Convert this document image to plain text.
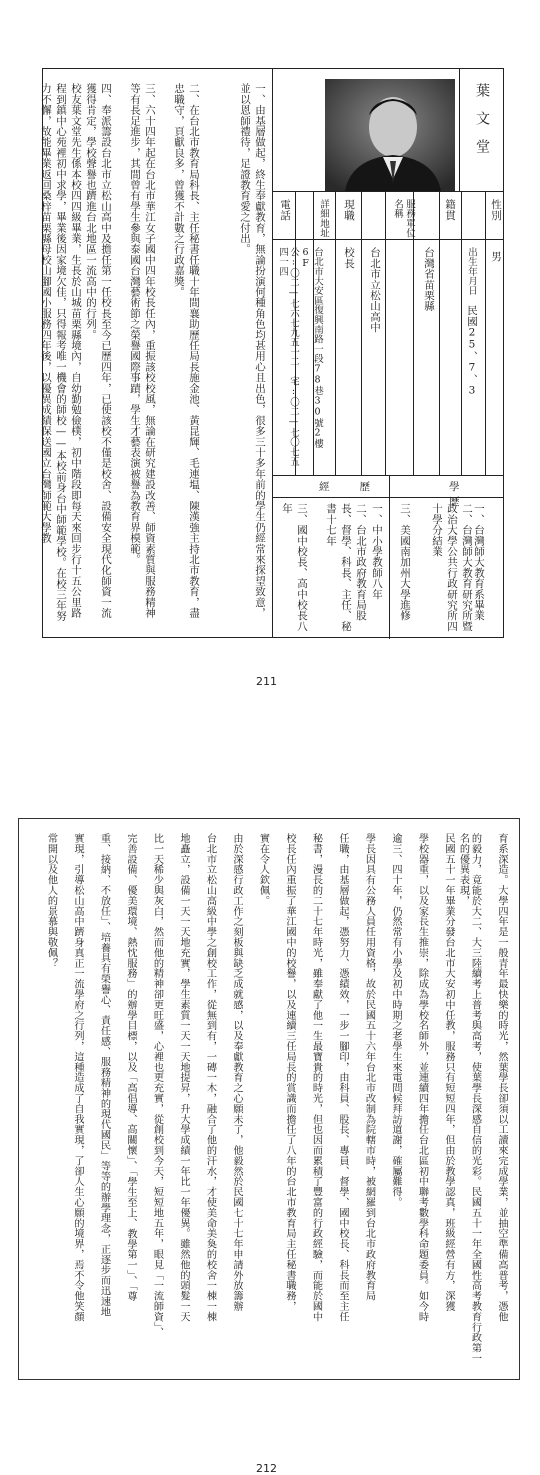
葉文堂
性別
男
出生年月日
民國25、7、3
籍貫
台灣省苗栗縣
服務單位名稱
台北市立松山高中
現職
校長
詳細地址
台北市大安區復興南路一段78巷30號2樓6F
電話
公:〇二—七六七九五一二　宅:〇二—七〇七五四一四
學歷
一、台灣師大教育系畢業
二、台灣師大教育研究所暨政治大學公共行政研究所四十學分結業
三、美國南加州大學進修
經歷
一、中小學教師八年
二、台北市政府教育局股長、督學、科長、主任、秘書十七年
三、國中校長、高中校長八年
一、由基層做起，終生奉獻教育，無論扮演何種角色均甚用心且出色，很多三十多年前的學生仍經常來探望致意，並以恩師禮待，足證教育愛之付出。
二、在台北市教育局科長、主任秘書任職十年間襄助歷任局長施金池、黃昆輝、毛連塭、陳漢強主持北市教育，盡忠職守，頁獻良多，曾獲不計數之行政嘉獎。
三、六十四年起在台北市華江女子國中四年校長任內，重振該校校風，無論在研究建設改善、師資素質與服務精神等有長足進步，其間曾有學生參與泰國台灣藝術節之榮譽國際事蹟，學生才藝表演被譽為教育界模範。
四、奉派籌設台北市立松山高中及擔任第一任校長至今已歷四年，已使該校不僅是校舍、設備安全現代化師資一流獲得肯定，學校聲譽也躋進台北地區一流高中的行列。
校友葉文堂先生係本校四四級畢業，生長於山城苗栗縣境內，自幼勤勉儉樸，初中階段即每天來回步行十五公里路程到鎮中心苑裡初中求學，畢業後因家境欠佳，只得報考唯一機會的師校——本校前身台中師範學校。在校三年努力不懈，故能畢業返回桑梓苗栗縣母校山腳國小服務四年後，以優異成績保送國立台灣師範大學教
211
育系深造。大學四年是一般青年最快樂的時光，然葉學長卻須以工讀來完成學業，並抽空準備高普考，憑他
的毅力，竟能於大二、大三陸續考上普考與高考，使葉學長深感自信的光彩。民國五十一年全國性高考教育行政第一名的優異表現，
民國五十一年畢業分發台北市大安初中任教，服務只有短短四年，但由於教學認真，班級經營有方，深獲
學校器重，以及家長生推崇，除成為學校名師外，並連續四年擔任台北區初中聯考數學科命題委員。如今時
逾三、四十年，仍然常有小學及初中時期之老學生來電問候拜訪道謝，確屬難得。
學長因具有公務人員任用資格，故於民國五十六年台北市改制為院轄市時，被網羅到台北市政府教育局
任職，由基層做起，憑努力、憑績效，一步一腳印，由科員、股長、專員、督學、國中校長、科長而至主任
秘書，漫長的二十七年時光，雖奉獻了他一生最寶貴的時光，但也因而累積了豐富的行政經驗，而能於國中
校長任內重振了華江國中的校譽，以及連續三任局長的賞識而擔任了八年的台北市教育局主任秘書職務，
實在令人欽佩。
由於深感行政工作之刻板與缺乏成就感，以及奉獻教育之心願未了，他毅然於民國七十七年申請外放籌辦
台北市立松山高級中學之創校工作，從無到有，一磚一木，融合了他的汗水，才使美命美奐的校舍一棟一棟
地矗立，設備一天一天地充實，學生素質一天一天地提昇，升大學成績一年比一年優異。雖然他的頭髮一天
比一天稀少與灰白，然而他的精神卻更旺盛，心裡也更充實，從創校到今天，短短地五年，眼見「一流師資」、
完善設備、優美環境、熱忱服務」的辦學目標，以及「高倡導、高關懷」、「學生至上、教學第一」、「尊
重、接納、不放任」、培養具有榮譽心、責任感、服務精神的現代國民」等等的辦學理念，正逐步而迅速地
實現，引導松山高中躋身真正一流學府之行列，這種造成了自我實現，了卻人生心願的境界，焉不令他笑顏
常開以及他人的景慕與敬佩？
212
